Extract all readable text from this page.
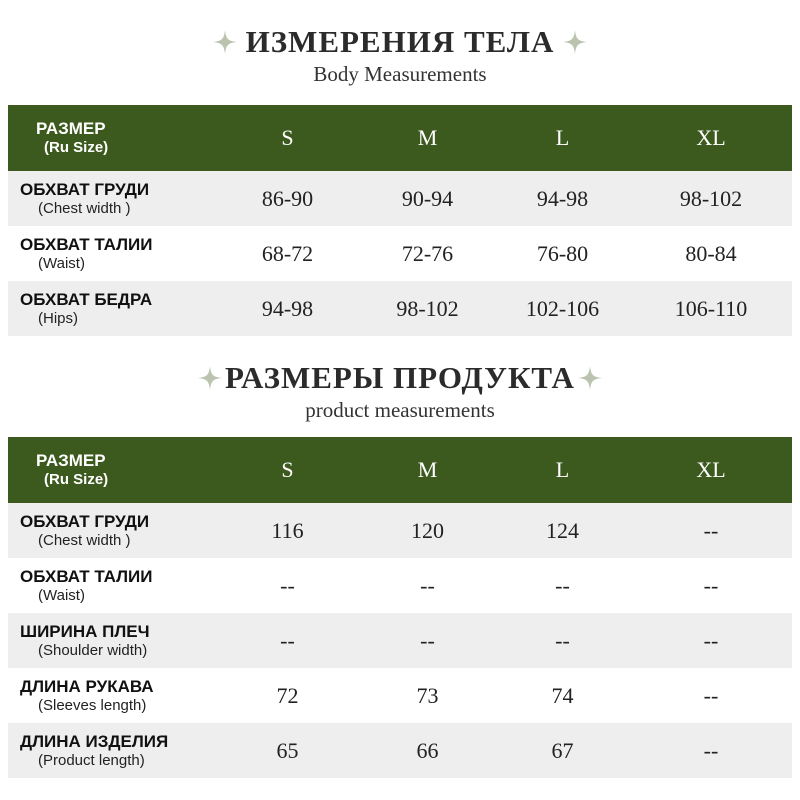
ИЗМЕРЕНИЯ ТЕЛА
Body Measurements
РАЗМЕР
(Ru Size)	S	M	L	XL

ОБХВАТ ГРУДИ
(Chest width )	86-90	90-94	94-98	98-102

ОБХВАТ ТАЛИИ
(Waist)	68-72	72-76	76-80	80-84

ОБХВАТ БЕДРА
(Hips)	94-98	98-102	102-106	106-110
РАЗМЕРЫ ПРОДУКТА
product measurements
РАЗМЕР
(Ru Size)	S	M	L	XL

ОБХВАТ ГРУДИ
(Chest width )	116	120	124	--

ОБХВАТ ТАЛИИ
(Waist)	--	--	--	--

ШИРИНА ПЛЕЧ
(Shoulder width)	--	--	--	--

ДЛИНА РУКАВА
(Sleeves length)	72	73	74	--

ДЛИНА ИЗДЕЛИЯ
(Product length)	65	66	67	--
